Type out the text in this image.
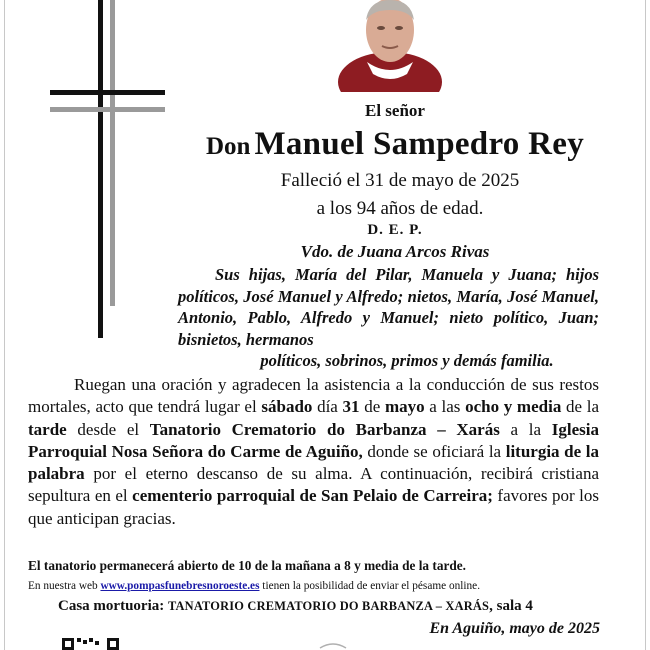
El señor
Don Manuel Sampedro Rey
Falleció el 31 de mayo de 2025
a los 94 años de edad.
D. E. P.
Vdo. de Juana Arcos Rivas

Sus hijas, María del Pilar, Manuela y Juana; hijos políticos, José Manuel y Alfredo; nietos, María, José Manuel, Antonio, Pablo, Alfredo y Manuel; nieto político, Juan; bisnietos, hermanos
políticos, sobrinos, primos y demás familia.

Ruegan una oración y agradecen la asistencia a la conducción de sus restos mortales, acto que tendrá lugar el sábado día 31 de mayo a las ocho y media de la tarde desde el Tanatorio Crematorio do Barbanza – Xarás a la Iglesia Parroquial Nosa Señora do Carme de Aguiño, donde se oficiará la liturgia de la palabra por el eterno descanso de su alma. A continuación, recibirá cristiana sepultura en el cementerio parroquial de San Pelaio de Carreira; favores por los que anticipan gracias.

El tanatorio permanecerá abierto de 10 de la mañana a 8 y media de la tarde.
En nuestra web www.pompasfunebresnoroeste.es tienen la posibilidad de enviar el pésame online.
Casa mortuoria: TANATORIO CREMATORIO DO BARBANZA – XARÁS, sala 4
En Aguiño, mayo de 2025
